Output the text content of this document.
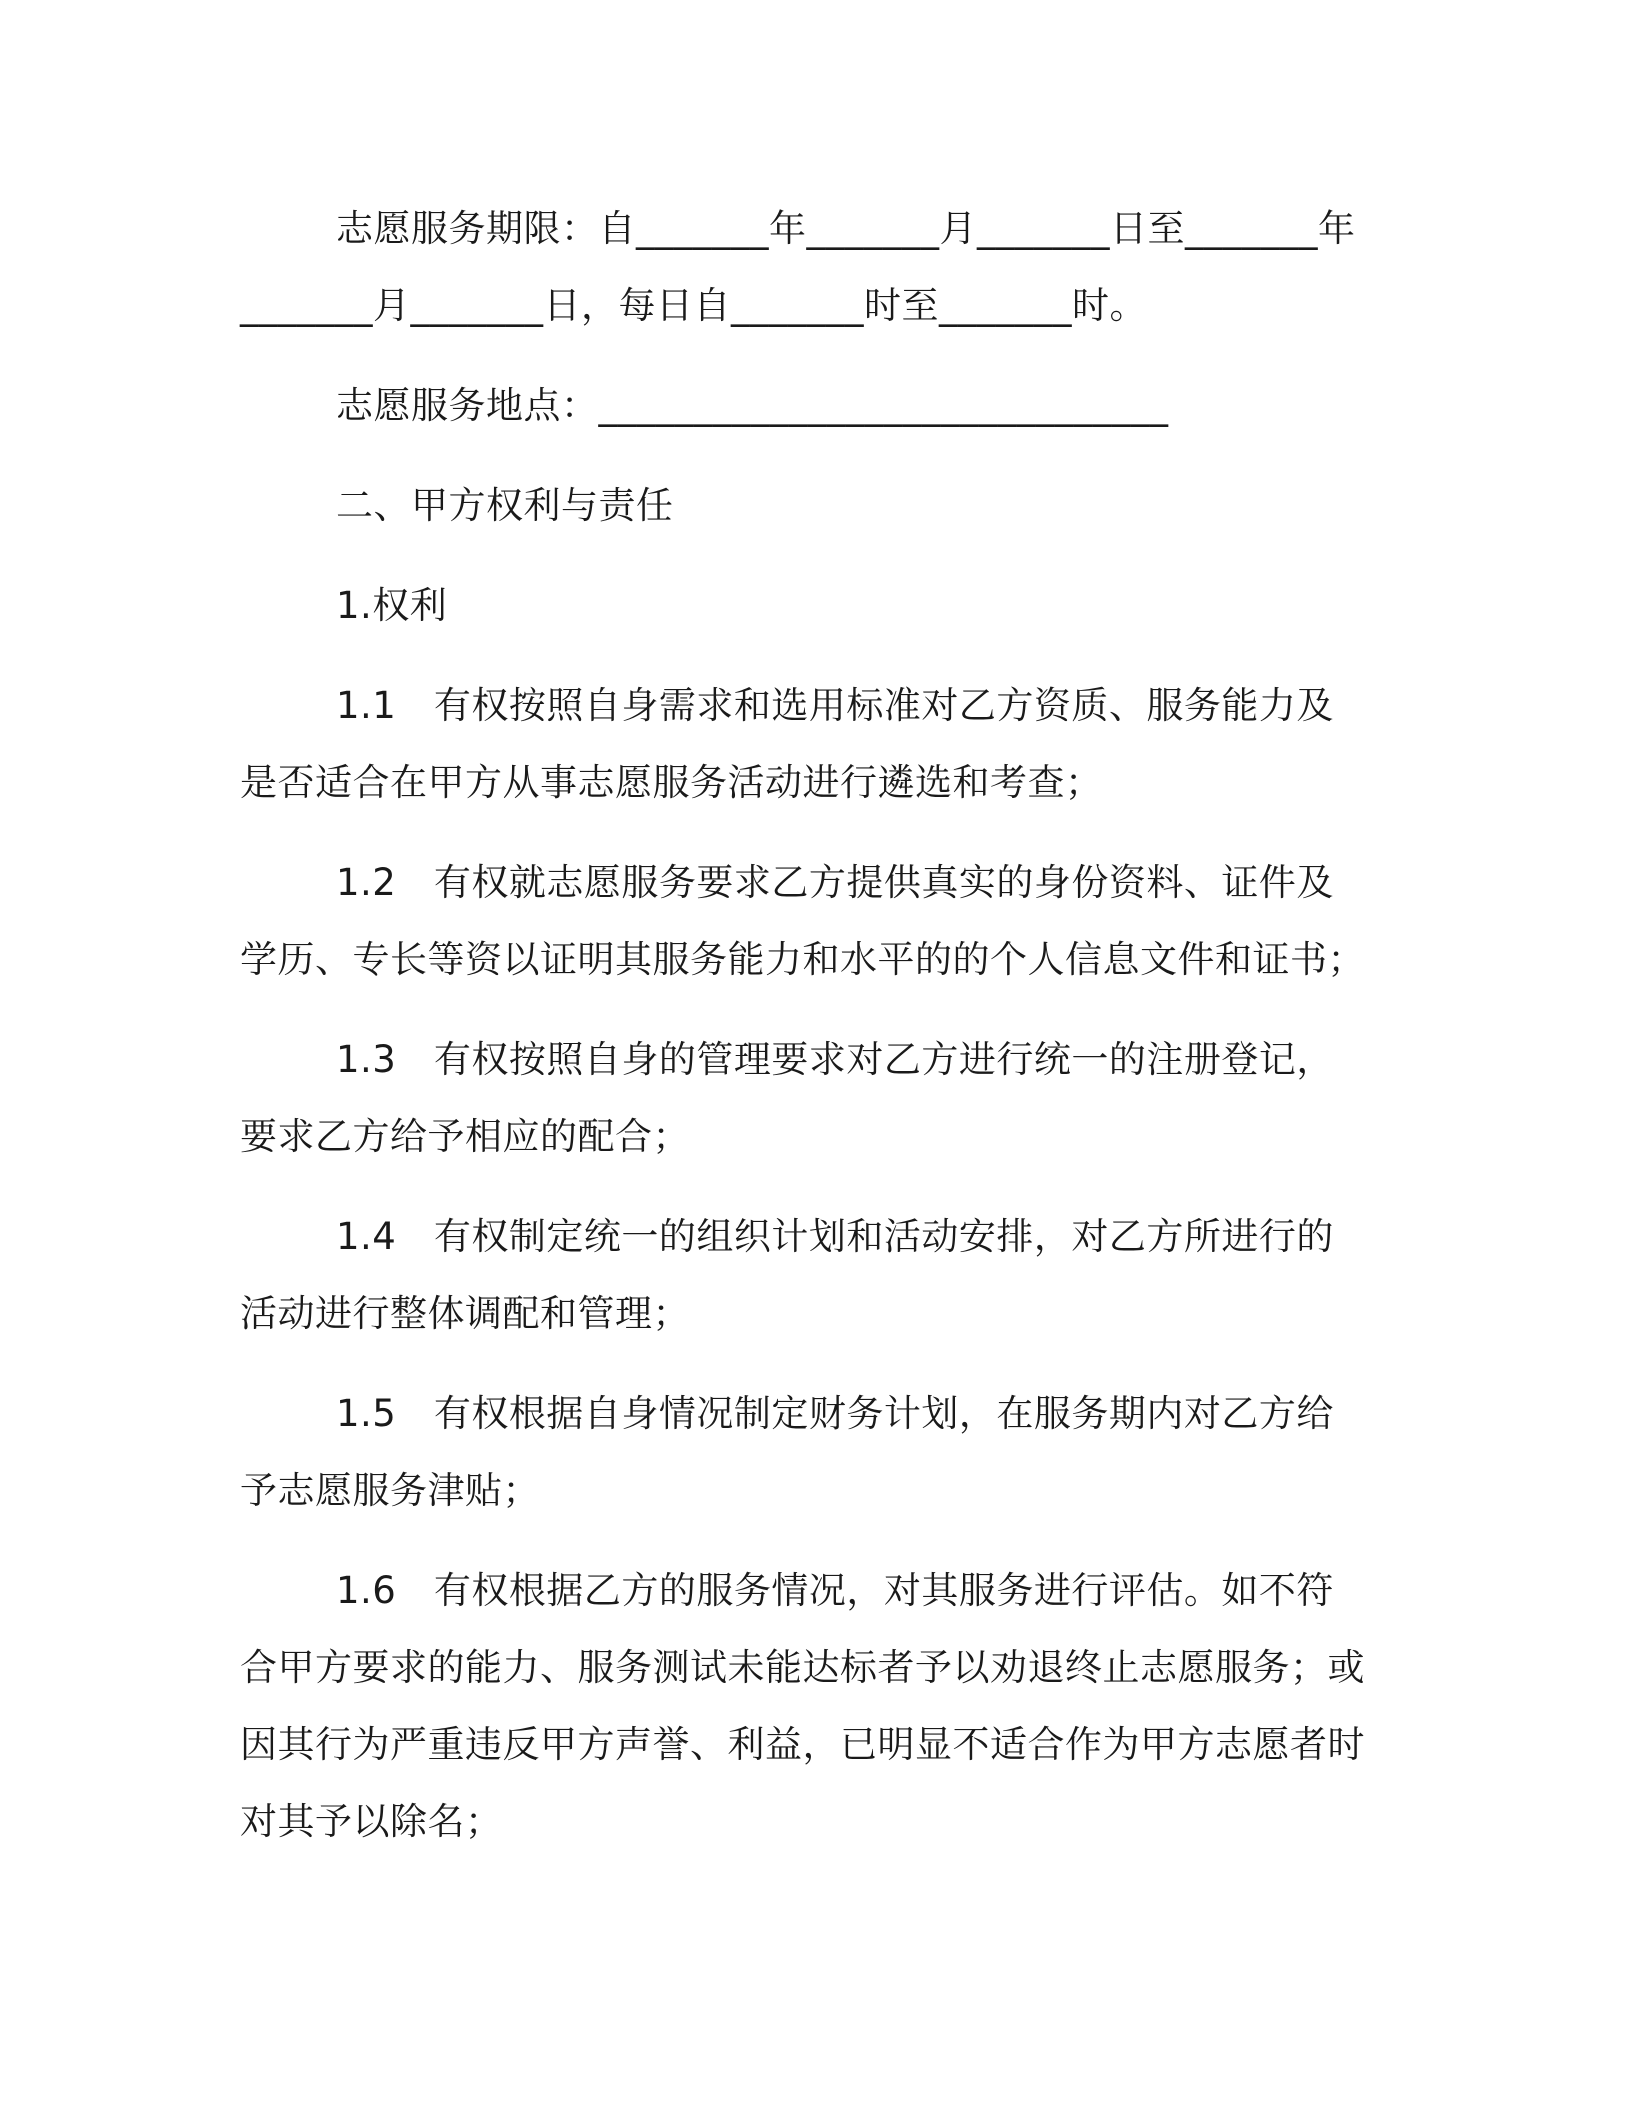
志愿服务期限：自_______年_______月_______日至_______年_______月_______日，每日自_______时至_______时。

志愿服务地点：______________________________

二、甲方权利与责任

1.权利

1.1　有权按照自身需求和选用标准对乙方资质、服务能力及是否适合在甲方从事志愿服务活动进行遴选和考查；

1.2　有权就志愿服务要求乙方提供真实的身份资料、证件及学历、专长等资以证明其服务能力和水平的的个人信息文件和证书；

1.3　有权按照自身的管理要求对乙方进行统一的注册登记，要求乙方给予相应的配合；

1.4　有权制定统一的组织计划和活动安排，对乙方所进行的活动进行整体调配和管理；

1.5　有权根据自身情况制定财务计划，在服务期内对乙方给予志愿服务津贴；

1.6　有权根据乙方的服务情况，对其服务进行评估。如不符合甲方要求的能力、服务测试未能达标者予以劝退终止志愿服务；或因其行为严重违反甲方声誉、利益，已明显不适合作为甲方志愿者时对其予以除名；
